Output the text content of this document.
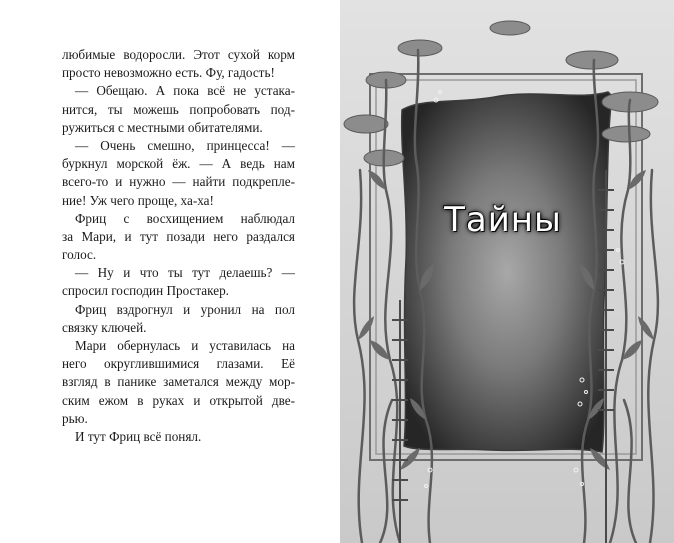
любимые водоросли. Этот сухой корм
просто невозможно есть. Фу, гадость!
— Обещаю. А пока всё не устака-
нится, ты можешь попробовать под-
ружиться с местными обитателями.
— Очень смешно, принцесса! —
буркнул морской ёж. — А ведь нам
всего-то и нужно — найти подкрепле-
ние! Уж чего проще, ха-ха!
Фриц с восхищением наблюдал
за Мари, и тут позади него раздался
голос.
— Ну и что ты тут делаешь? —
спросил господин Простакер.
Фриц вздрогнул и уронил на пол
связку ключей.
Мари обернулась и уставилась на
него округлившимися глазами. Её
взгляд в панике заметался между мор-
ским ежом в руках и открытой две-
рью.
И тут Фриц всё понял.
Тайны
